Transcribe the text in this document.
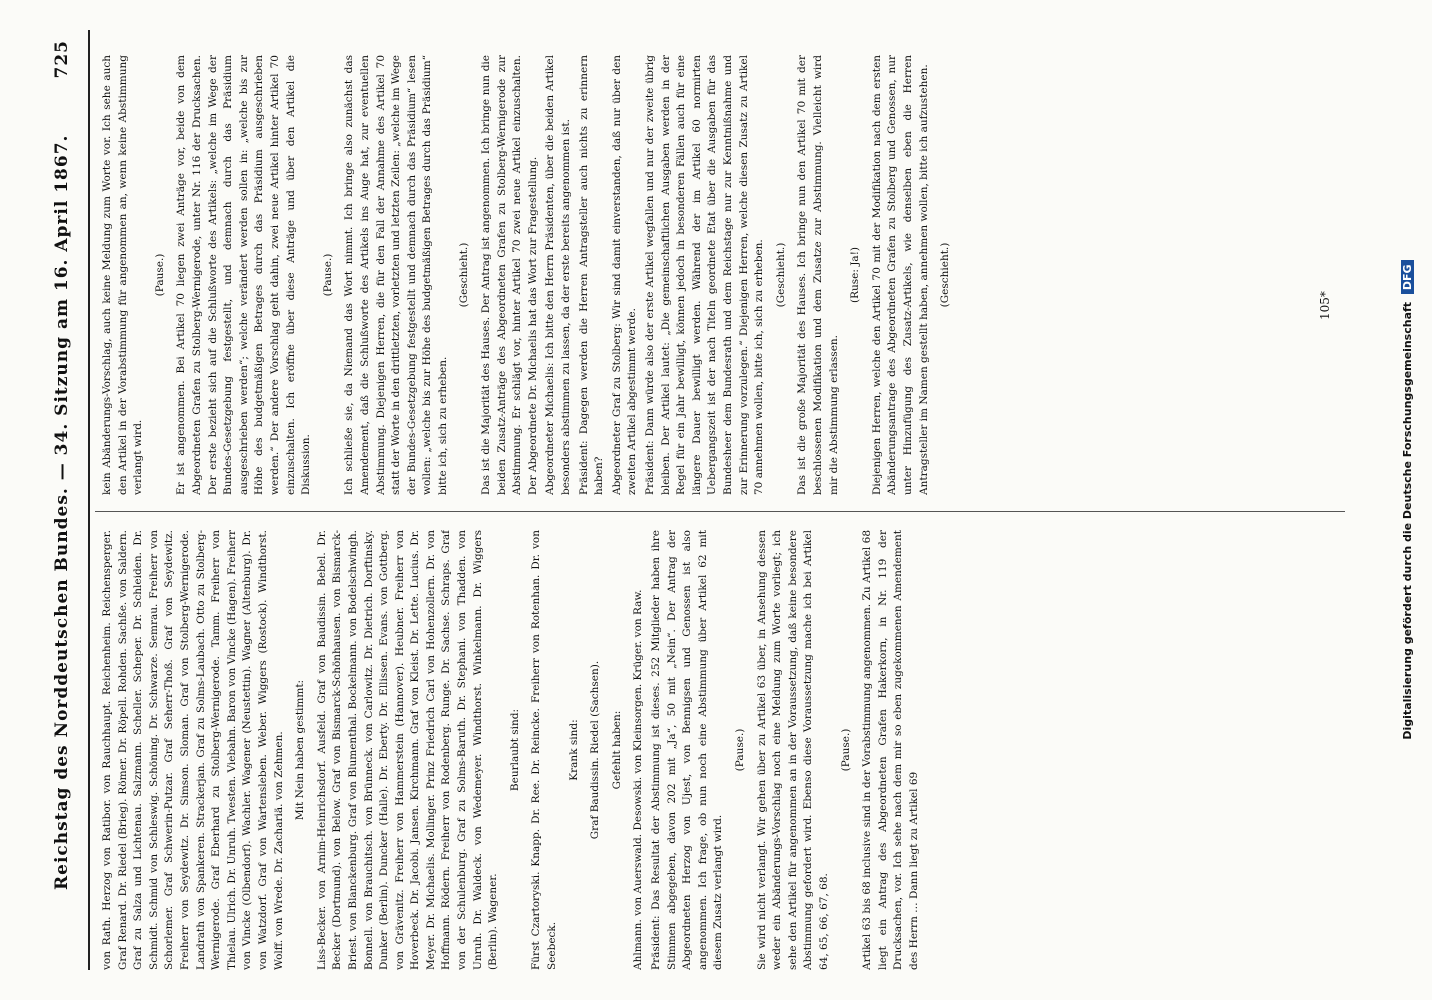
Reichstag des Norddeutschen Bundes. — 34. Sitzung am 16. April 1867.
725

von Rath. Herzog von Ratibor. von Rauchhaupt. Reichenheim. Reichensperger. Graf Renard. Dr. Riedel (Brieg). Römer. Dr. Röpell. Rohden. Sachße. von Saldern. Graf zu Salza und Lichtenau. Salzmann. Scheller. Scheper. Dr. Schleiden. Dr. Schmidt. Schmid von Schleswig. Schöning. Dr. Schwarze. Semrau. Freiherr von Schorlemer. Graf Schwerin-Putzar. Graf Seherr-Thoß. Graf von Seydewitz. Freiherr von Seydewitz. Dr. Simson. Sloman. Graf von Stolberg-Wernigerode. Landrath von Spankeren. Strackerjan. Graf zu Solms-Laubach. Otto zu Stolberg-Wernigerode. Graf Eberhard zu Stolberg-Wernigerode. Tamm. Freiherr von Thielau. Ulrich. Dr. Unruh. Twesten. Viebahn. Baron von Vincke (Hagen). Freiherr von Vincke (Olbendorf). Wachler. Wagener (Neustettin). Wagner (Altenburg). Dr. von Watzdorf. Graf von Wartensleben. Weber. Wiggers (Rostock). Windthorst. Wolff. von Wrede. Dr. Zachariä. von Zehmen. Mit Nein haben gestimmt: Liss-Becker. von Arnim-Heinrichsdorf. Ausfeld. Graf von Baudissin. Bebel. Dr. Becker (Dortmund). von Below. Graf von Bismarck-Schönhausen. von Bismarck-Briest. von Blanckenburg. Graf von Blumenthal. Bockelmann. von Bodelschwingh. Bonnell. von Brauchitsch. von Brünneck. von Carlowitz. Dr. Dietrich. Dorftinsky. Dunker (Berlin). Duncker (Halle). Dr. Eberty. Dr. Ellissen. Evans. von Gottberg. von Grävenitz. Freiherr von Hammerstein (Hannover). Heubner. Freiherr von Hoverbeck. Dr. Jacobi. Jansen. Kirchmann. Graf von Kleist. Dr. Lette. Lucius. Dr. Meyer. Dr. Michaelis. Mollinger. Prinz Friedrich Carl von Hohenzollern. Dr. von Hoffmann. Rödern. Freiherr von Rodenberg. Runge. Dr. Sachse. Schraps. Graf von der Schulenburg. Graf zu Solms-Baruth. Dr. Stephani. von Thadden. von Unruh. Dr. Waldeck. von Wedemeyer. Windthorst. Winkelmann. Dr. Wiggers (Berlin). Wagener.

Beurlaubt sind: Fürst Czartoryski. Knapp. Dr. Ree. Dr. Reincke. Freiherr von Rotenhan. Dr. von Seebeck.

Krank sind: Graf Baudissin. Riedel (Sachsen). Gefehlt haben: Ahlmann. von Auerswald. Desowski. von Kleinsorgen. Krüger. von Raw. Präsident: Das Resultat der Abstimmung ist dieses. 252 Mitglieder haben ihre Stimmen abgegeben, davon 202 mit „Ja“, 50 mit „Nein“. Der Antrag der Abgeordneten Herzog von Ujest, von Bennigsen und Genossen ist also angenommen. Ich frage, ob nun noch eine Abstimmung über Artikel 62 mit diesem Zusatz verlangt wird.

(Pause.) Sie wird nicht verlangt. Wir gehen über zu Artikel 63 über, in Ansehung dessen weder ein Abänderungs-Vorschlag noch eine Meldung zum Worte vorliegt; ich sehe den Artikel für angenommen an in der Voraussetzung, daß keine besondere Abstimmung gefordert wird. Ebenso diese Voraussetzung mache ich bei Artikel 64, 65, 66, 67, 68.

(Pause.) Artikel 63 bis 68 inclusive sind in der Vorabstimmung angenommen. Zu Artikel 68 liegt ein Antrag des Abgeordneten Grafen Hakerkorn, in Nr. 119 der Drucksachen, vor. Ich sehe nach dem mir so eben zugekommenen Amendement des Herrn … Dann liegt zu Artikel 69

kein Abänderungs-Vorschlag, auch keine Meldung zum Worte vor. Ich sehe auch den Artikel in der Vorabstimmung für angenommen an, wenn keine Abstimmung verlangt wird.

(Pause.) Er ist angenommen. Bei Artikel 70 liegen zwei Anträge vor, beide von dem Abgeordneten Grafen zu Stolberg-Wernigerode, unter Nr. 116 der Drucksachen. Der erste bezieht sich auf die Schlußworte des Artikels: „welche im Wege der Bundes-Gesetzgebung festgestellt, und demnach durch das Präsidium ausgeschrieben werden“; welche verändert werden sollen in: „welche bis zur Höhe des budgetmäßigen Betrages durch das Präsidium ausgeschrieben werden.“ Der andere Vorschlag geht dahin, zwei neue Artikel hinter Artikel 70 einzuschalten. Ich eröffne über diese Anträge und über den Artikel die Diskussion.

(Pause.) Ich schließe sie, da Niemand das Wort nimmt. Ich bringe also zunächst das Amendement, daß die Schlußworte des Artikels ins Auge hat, zur eventuellen Abstimmung. Diejenigen Herren, die für den Fall der Annahme des Artikel 70 statt der Worte in den drittletzten, vorletzten und letzten Zeilen: „welche im Wege der Bundes-Gesetzgebung festgestellt und demnach durch das Präsidium“ lesen wollen: „welche bis zur Höhe des budgetmäßigen Betrages durch das Präsidium“ bitte ich, sich zu erheben.

(Geschieht.) Das ist die Majorität des Hauses. Der Antrag ist angenommen. Ich bringe nun die beiden Zusatz-Anträge des Abgeordneten Grafen zu Stolberg-Wernigerode zur Abstimmung. Er schlägt vor, hinter Artikel 70 zwei neue Artikel einzuschalten. Der Abgeordnete Dr. Michaelis hat das Wort zur Fragestellung. Abgeordneter Michaelis: Ich bitte den Herrn Präsidenten, über die beiden Artikel besonders abstimmen zu lassen, da der erste bereits angenommen ist. Präsident: Dagegen werden die Herren Antragsteller auch nichts zu erinnern haben? Abgeordneter Graf zu Stolberg: Wir sind damit einverstanden, daß nur über den zweiten Artikel abgestimmt werde. Präsident: Dann würde also der erste Artikel wegfallen und nur der zweite übrig bleiben. Der Artikel lautet: „Die gemeinschaftlichen Ausgaben werden in der Regel für ein Jahr bewilligt, können jedoch in besonderen Fällen auch für eine längere Dauer bewilligt werden. Während der im Artikel 60 normirten Uebergangszeit ist der nach Titeln geordnete Etat über die Ausgaben für das Bundesheer dem Bundesrath und dem Reichstage nur zur Kenntnißnahme und zur Erinnerung vorzulegen.“ Diejenigen Herren, welche diesen Zusatz zu Artikel 70 annehmen wollen, bitte ich, sich zu erheben. (Geschieht.) Das ist die große Majorität des Hauses. Ich bringe nun den Artikel 70 mit der beschlossenen Modifikation und dem Zusatze zur Abstimmung. Vielleicht wird mir die Abstimmung erlassen.

(Ruse: Ja!) Diejenigen Herren, welche den Artikel 70 mit der Modifikation nach dem ersten Abänderungsantrage des Abgeordneten Grafen zu Stolberg und Genossen, nur unter Hinzufügung des Zusatz-Artikels, wie denselben eben die Herren Antragsteller im Namen gestellt haben, annehmen wollen, bitte ich aufzustehen. (Geschieht.)	105*	Digitalisierung gefördert durch die Deutsche Forschungsgemeinschaft DFG
